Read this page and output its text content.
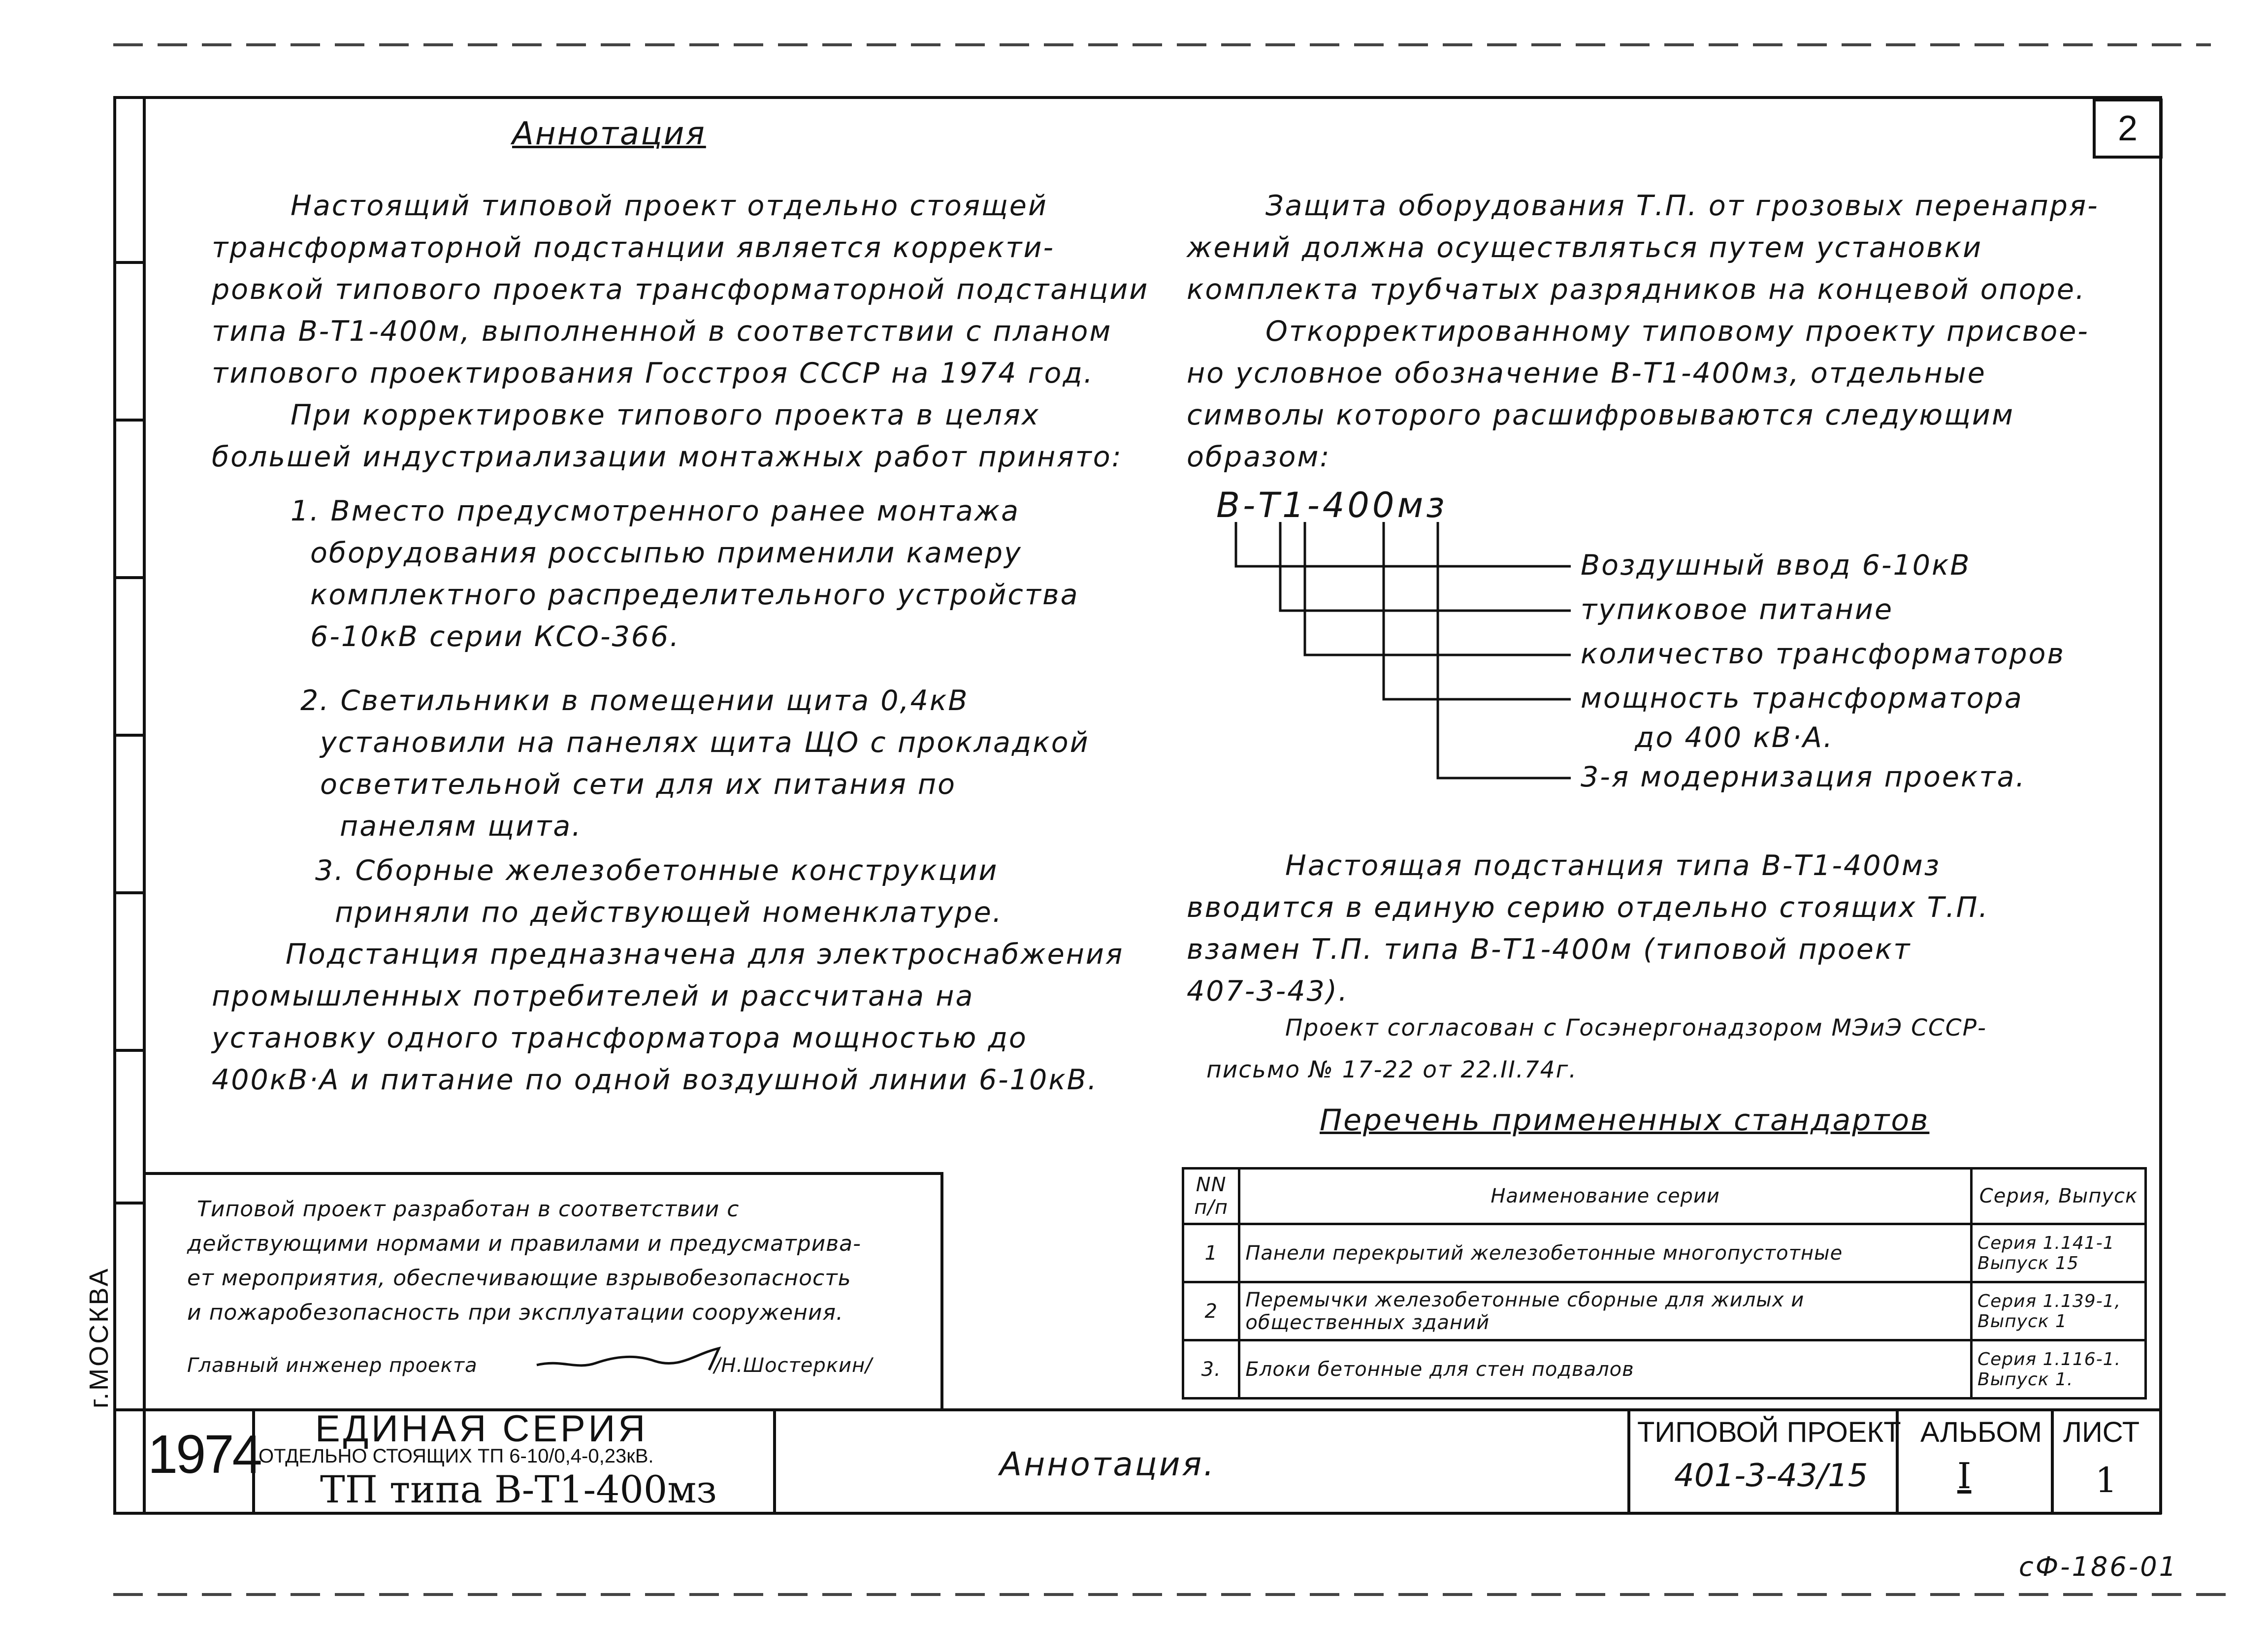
г.МОСКВА
2
Аннотация
Настоящий типовой проект отдельно стоящей
трансформаторной подстанции является корректи-
ровкой типового проекта трансформаторной подстанции
типа В-Т1-400м, выполненной в соответствии с планом
типового проектирования Госстроя СССР на 1974 год.
При корректировке типового проекта в целях
большей индустриализации монтажных работ принято:
1. Вместо предусмотренного ранее монтажа
оборудования россыпью применили камеру
комплектного распределительного устройства
6-10кВ серии КСО-366.
2. Светильники в помещении щита 0,4кВ
установили на панелях щита ЩО с прокладкой
осветительной сети для их питания по
панелям щита.
3. Сборные железобетонные конструкции
приняли по действующей номенклатуре.
Подстанция предназначена для электроснабжения
промышленных потребителей и рассчитана на
установку одного трансформатора мощностью до
400кВ·А и питание по одной воздушной линии 6-10кВ.
Защита оборудования Т.П. от грозовых перенапря-
жений должна осуществляться путем установки
комплекта трубчатых разрядников на концевой опоре.
Откорректированному типовому проекту присвое-
но условное обозначение В-Т1-400мз, отдельные
символы которого расшифровываются следующим
образом:
В-Т1-400мз
Воздушный ввод 6-10кВ
тупиковое питание
количество трансформаторов
мощность трансформатора
до 400 кВ·А.
3-я модернизация проекта.
Настоящая подстанция типа В-Т1-400мз
вводится в единую серию отдельно стоящих Т.П.
взамен Т.П. типа В-Т1-400м (типовой проект
407-3-43).
Проект согласован с Госэнергонадзором МЭиЭ СССР-
письмо № 17-22 от 22.II.74г.
Перечень примененных стандартов
NN п/п	Наименование серии	Серия, Выпуск
1	Панели перекрытий железобетонные многопустотные	Серия 1.141-1 Выпуск 15
2	Перемычки железобетонные сборные для жилых и общественных зданий	Серия 1.139-1, Выпуск 1
3.	Блоки бетонные для стен подвалов	Серия 1.116-1. Выпуск 1.
Типовой проект разработан в соответствии с
действующими нормами и правилами и предусматрива-
ет мероприятия, обеспечивающие взрывобезопасность
и пожаробезопасность при эксплуатации сооружения.
Главный инженер проекта	/Н.Шостеркин/
1974 ЕДИНАЯ СЕРИЯ
ОТДЕЛЬНО СТОЯЩИХ ТП 6-10/0,4-0,23кВ.
ТП типа В-Т1-400мз
Аннотация.
ТИПОВОЙ ПРОЕКТ
401-3-43/15
АЛЬБОМ
I
ЛИСТ
1
сФ-186-01
